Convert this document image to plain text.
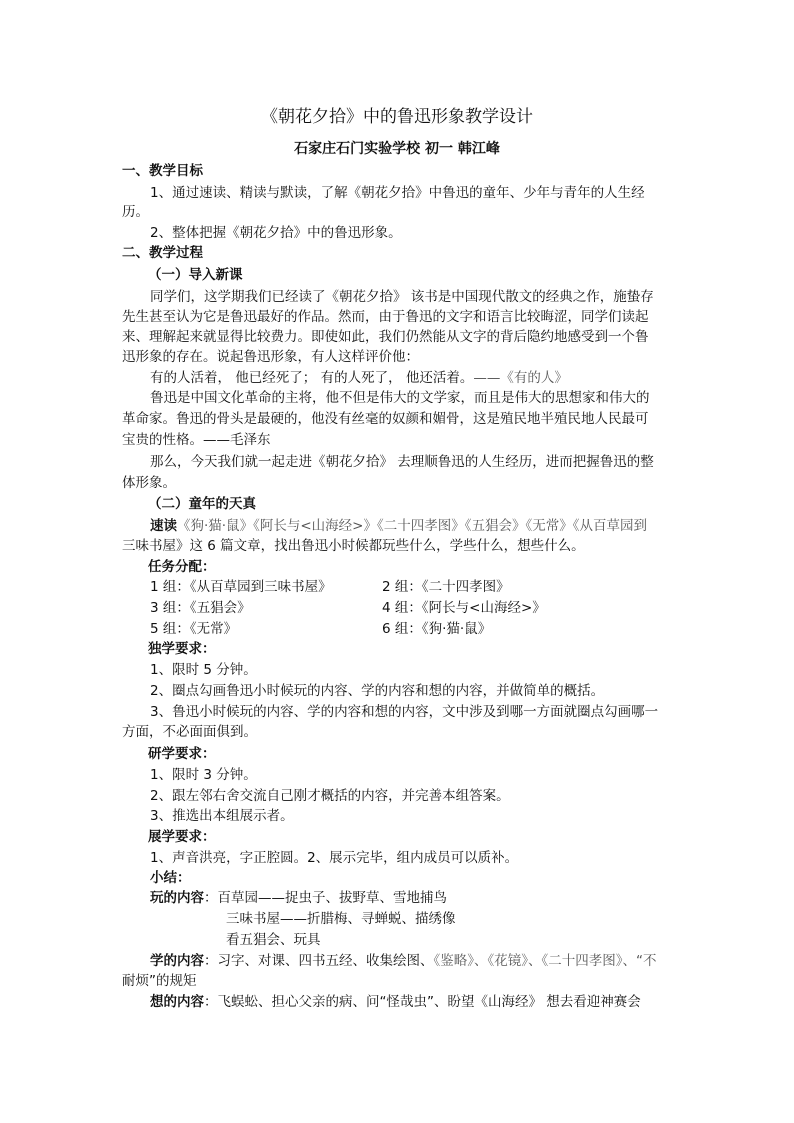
《朝花夕拾》中的鲁迅形象教学设计
石家庄石门实验学校 初一 韩江峰
一、教学目标
1、通过速读、精读与默读，了解《朝花夕拾》中鲁迅的童年、少年与青年的人生经
历。
2、整体把握《朝花夕拾》中的鲁迅形象。
二、教学过程
（一）导入新课
同学们，这学期我们已经读了《朝花夕拾》 该书是中国现代散文的经典之作，施蛰存
先生甚至认为它是鲁迅最好的作品。然而，由于鲁迅的文字和语言比较晦涩，同学们读起
来、理解起来就显得比较费力。即使如此，我们仍然能从文字的背后隐约地感受到一个鲁
迅形象的存在。说起鲁迅形象，有人这样评价他：
有的人活着， 他已经死了； 有的人死了， 他还活着。——《有的人》
鲁迅是中国文化革命的主将，他不但是伟大的文学家，而且是伟大的思想家和伟大的
革命家。鲁迅的骨头是最硬的，他没有丝毫的奴颜和媚骨，这是殖民地半殖民地人民最可
宝贵的性格。——毛泽东
那么，今天我们就一起走进《朝花夕拾》 去理顺鲁迅的人生经历，进而把握鲁迅的整
体形象。
（二）童年的天真
速读《狗·猫·鼠》《阿长与<山海经>》《二十四孝图》《五猖会》《无常》《从百草园到
三味书屋》这 6 篇文章，找出鲁迅小时候都玩些什么，学些什么，想些什么。
任务分配：
1 组：《从百草园到三味书屋》	2 组：《二十四孝图》
3 组：《五猖会》	4 组：《阿长与<山海经>》
5 组：《无常》	6 组：《狗·猫·鼠》
独学要求：
1、限时 5 分钟。
2、圈点勾画鲁迅小时候玩的内容、学的内容和想的内容，并做简单的概括。
3、鲁迅小时候玩的内容、学的内容和想的内容，文中涉及到哪一方面就圈点勾画哪一
方面，不必面面俱到。
研学要求：
1、限时 3 分钟。
2、跟左邻右舍交流自己刚才概括的内容，并完善本组答案。
3、推选出本组展示者。
展学要求：
1、声音洪亮，字正腔圆。2、展示完毕，组内成员可以质补。
小结：
玩的内容：百草园——捉虫子、拔野草、雪地捕鸟
三味书屋——折腊梅、寻蝉蜕、描绣像
看五猖会、玩具
学的内容：习字、对课、四书五经、收集绘图、《鉴略》、《花镜》、《二十四孝图》、“不
耐烦”的规矩
想的内容：飞蜈蚣、担心父亲的病、问“怪哉虫”、盼望《山海经》 想去看迎神赛会
